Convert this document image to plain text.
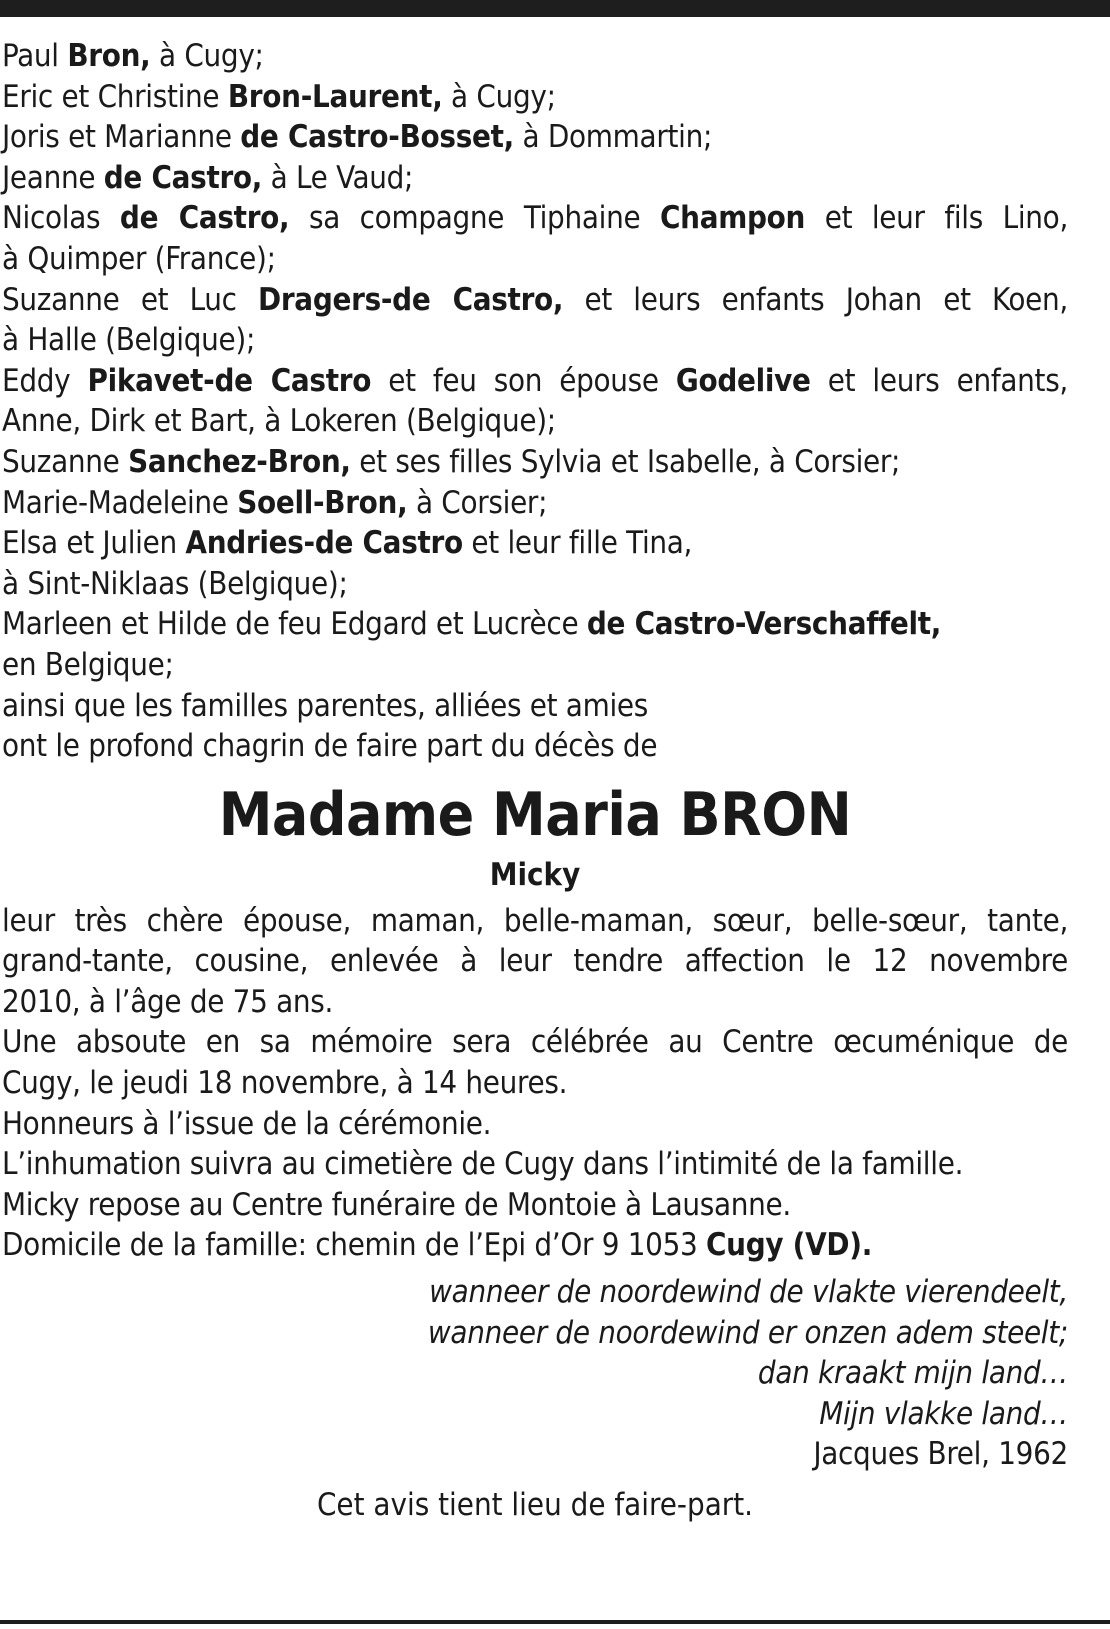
Paul Bron, à Cugy;
Eric et Christine Bron-Laurent, à Cugy;
Joris et Marianne de Castro-Bosset, à Dommartin;
Jeanne de Castro, à Le Vaud;
Nicolas de Castro, sa compagne Tiphaine Champon et leur fils Lino,
à Quimper (France);
Suzanne et Luc Dragers-de Castro, et leurs enfants Johan et Koen,
à Halle (Belgique);
Eddy Pikavet-de Castro et feu son épouse Godelive et leurs enfants,
Anne, Dirk et Bart, à Lokeren (Belgique);
Suzanne Sanchez-Bron, et ses filles Sylvia et Isabelle, à Corsier;
Marie-Madeleine Soell-Bron, à Corsier;
Elsa et Julien Andries-de Castro et leur fille Tina,
à Sint-Niklaas (Belgique);
Marleen et Hilde de feu Edgard et Lucrèce de Castro-Verschaffelt,
en Belgique;
ainsi que les familles parentes, alliées et amies
ont le profond chagrin de faire part du décès de
Madame Maria BRON
Micky
leur très chère épouse, maman, belle-maman, sœur, belle-sœur, tante,
grand-tante, cousine, enlevée à leur tendre affection le 12 novembre
2010, à l’âge de 75 ans.
Une absoute en sa mémoire sera célébrée au Centre œcuménique de
Cugy, le jeudi 18 novembre, à 14 heures.
Honneurs à l’issue de la cérémonie.
L’inhumation suivra au cimetière de Cugy dans l’intimité de la famille.
Micky repose au Centre funéraire de Montoie à Lausanne.
Domicile de la famille: chemin de l’Epi d’Or 9 1053 Cugy (VD).
wanneer de noordewind de vlakte vierendeelt,
wanneer de noordewind er onzen adem steelt;
dan kraakt mijn land…
Mijn vlakke land…
Jacques Brel, 1962
Cet avis tient lieu de faire-part.
